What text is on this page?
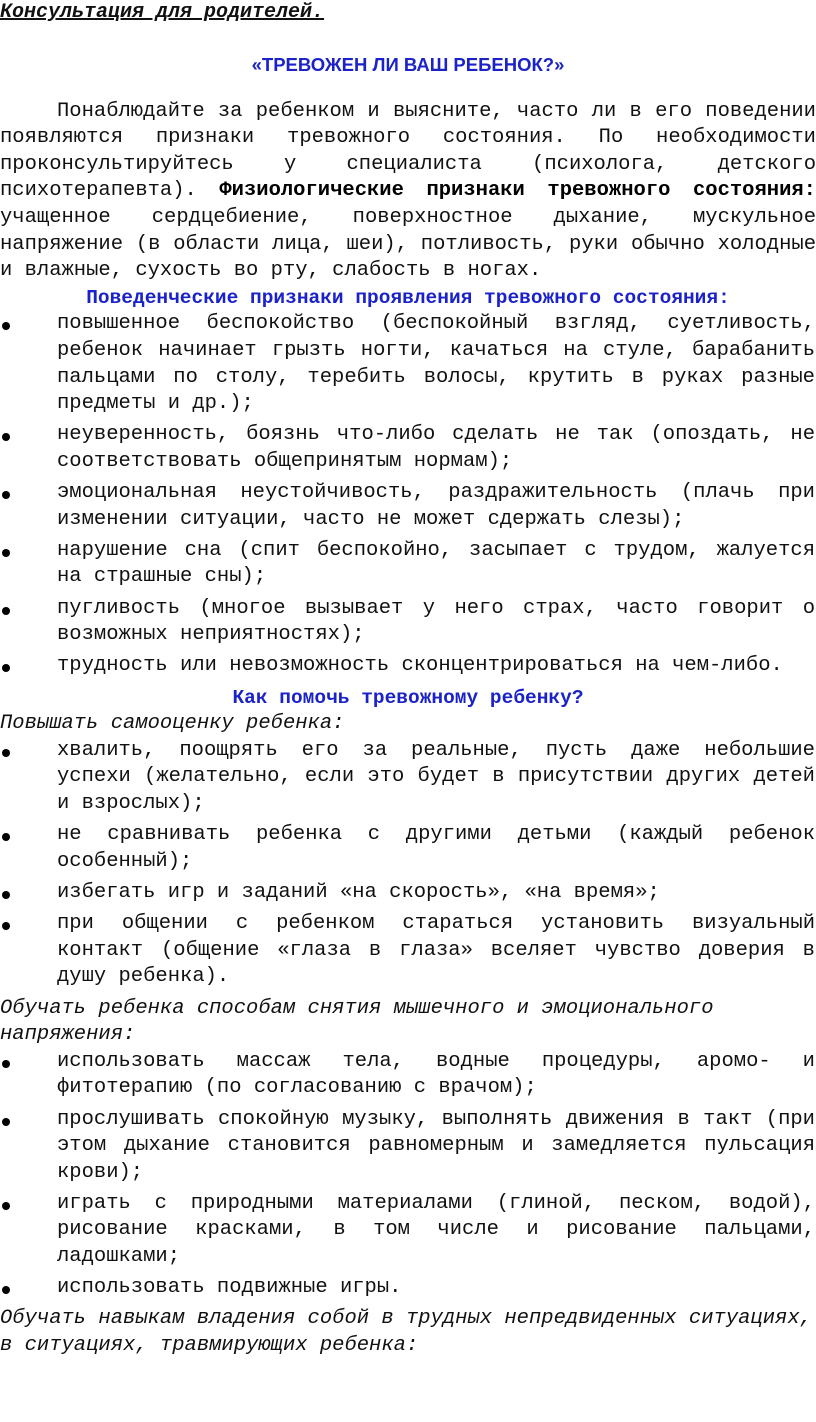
Консультация для родителей.

«ТРЕВОЖЕН ЛИ ВАШ РЕБЕНОК?»

Понаблюдайте за ребенком и выясните, часто ли в его поведении появляются признаки тревожного состояния. По необходимости проконсультируйтесь у специалиста (психолога, детского психотерапевта). Физиологические признаки тревожного состояния: учащенное сердцебиение, поверхностное дыхание, мускульное напряжение (в области лица, шеи), потливость, руки обычно холодные и влажные, сухость во рту, слабость в ногах.

Поведенческие признаки проявления тревожного состояния:

повышенное беспокойство (беспокойный взгляд, суетливость, ребенок начинает грызть ногти, качаться на стуле, барабанить пальцами по столу, теребить волосы, крутить в руках разные предметы и др.);
неуверенность, боязнь что-либо сделать не так (опоздать, не соответствовать общепринятым нормам);
эмоциональная неустойчивость, раздражительность (плачь при изменении ситуации, часто не может сдержать слезы);
нарушение сна (спит беспокойно, засыпает с трудом, жалуется на страшные сны);
пугливость (многое вызывает у него страх, часто говорит о возможных неприятностях);
трудность или невозможность сконцентрироваться на чем-либо.

Как помочь тревожному ребенку?

Повышать самооценку ребенка:

хвалить, поощрять его за реальные, пусть даже небольшие успехи (желательно, если это будет в присутствии других детей и взрослых);
не сравнивать ребенка с другими детьми (каждый ребенок особенный);
избегать игр и заданий «на скорость», «на время»;
при общении с ребенком стараться установить визуальный контакт (общение «глаза в глаза» вселяет чувство доверия в душу ребенка).

Обучать ребенка способам снятия мышечного и эмоционального напряжения:

использовать массаж тела, водные процедуры, аромо- и фитотерапию (по согласованию с врачом);
прослушивать спокойную музыку, выполнять движения в такт (при этом дыхание становится равномерным и замедляется пульсация крови);
играть с природными материалами (глиной, песком, водой), рисование красками, в том числе и рисование пальцами, ладошками;
использовать подвижные игры.

Обучать навыкам владения собой в трудных непредвиденных ситуациях, в ситуациях, травмирующих ребенка:
